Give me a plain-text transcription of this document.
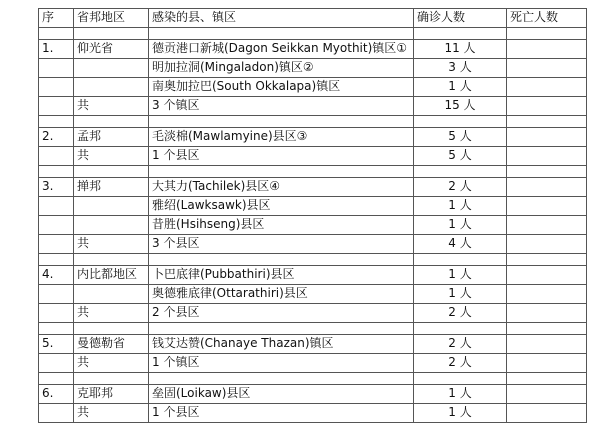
序	省邦地区	感染的县、镇区	确诊人数	死亡人数

1.	仰光省	德贡港口新城(Dagon Seikkan Myothit)镇区①	11 人	
		明加拉洞(Mingaladon)镇区②	3 人	
		南奥加拉巴(South Okkalapa)镇区	1 人	
	共	3 个镇区	15 人	

2.	孟邦	毛淡棉(Mawlamyine)县区③	5 人	
	共	1 个县区	5 人	

3.	掸邦	大其力(Tachilek)县区④	2 人	
		雅绍(Lawksawk)县区	1 人	
		昔胜(Hsihseng)县区	1 人	
	共	3 个县区	4 人	

4.	内比都地区	卜巴底律(Pubbathiri)县区	1 人	
		奥德雅底律(Ottarathiri)县区	1 人	
	共	2 个县区	2 人	

5.	曼德勒省	钱艾达赞(Chanaye Thazan)镇区	2 人	
	共	1 个镇区	2 人	

6.	克耶邦	垒固(Loikaw)县区	1 人	
	共	1 个县区	1 人	
